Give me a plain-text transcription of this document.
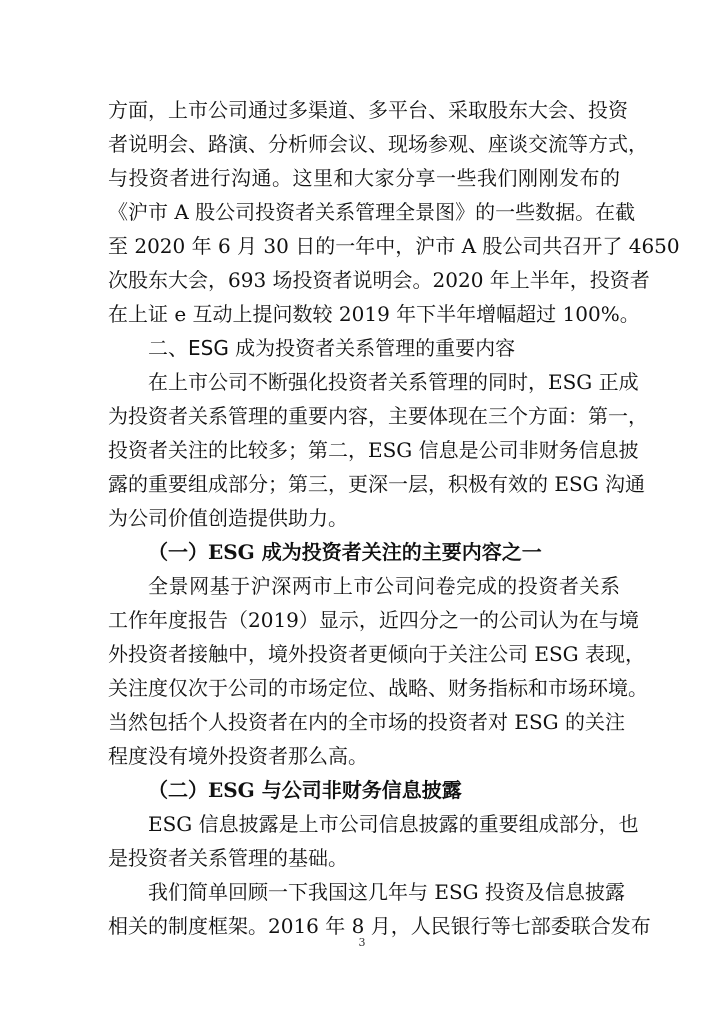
方面，上市公司通过多渠道、多平台、采取股东大会、投资
者说明会、路演、分析师会议、现场参观、座谈交流等方式，
与投资者进行沟通。这里和大家分享一些我们刚刚发布的
《沪市 A 股公司投资者关系管理全景图》的一些数据。在截
至 2020 年 6 月 30 日的一年中，沪市 A 股公司共召开了 4650
次股东大会，693 场投资者说明会。2020 年上半年，投资者
在上证 e 互动上提问数较 2019 年下半年增幅超过 100%。
二、ESG 成为投资者关系管理的重要内容
在上市公司不断强化投资者关系管理的同时，ESG 正成
为投资者关系管理的重要内容，主要体现在三个方面：第一，
投资者关注的比较多；第二，ESG 信息是公司非财务信息披
露的重要组成部分；第三，更深一层，积极有效的 ESG 沟通
为公司价值创造提供助力。
（一）ESG 成为投资者关注的主要内容之一
全景网基于沪深两市上市公司问卷完成的投资者关系
工作年度报告（2019）显示，近四分之一的公司认为在与境
外投资者接触中，境外投资者更倾向于关注公司 ESG 表现，
关注度仅次于公司的市场定位、战略、财务指标和市场环境。
当然包括个人投资者在内的全市场的投资者对 ESG 的关注
程度没有境外投资者那么高。
（二）ESG 与公司非财务信息披露
ESG 信息披露是上市公司信息披露的重要组成部分，也
是投资者关系管理的基础。
我们简单回顾一下我国这几年与 ESG 投资及信息披露
相关的制度框架。2016 年 8 月，人民银行等七部委联合发布
3
